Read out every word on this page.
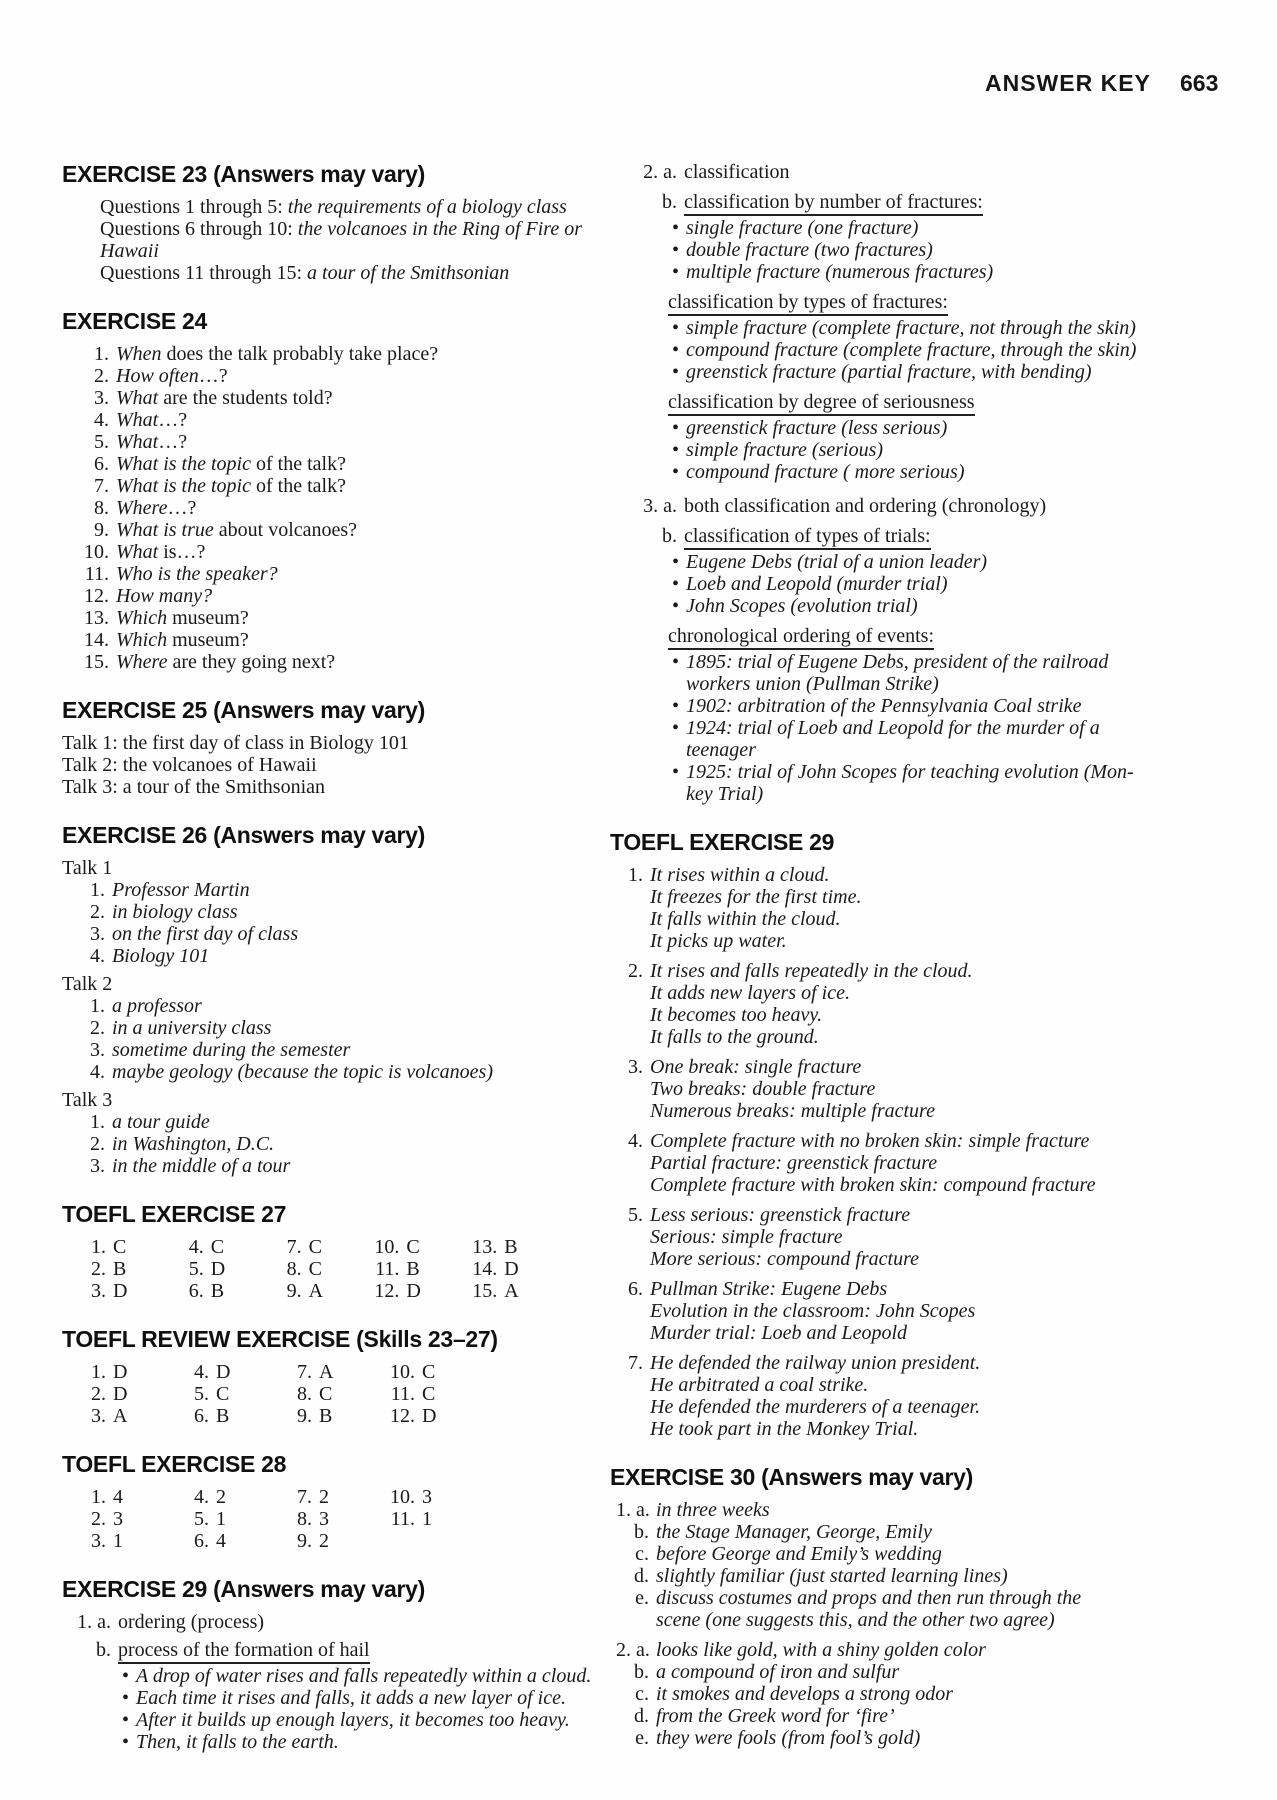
ANSWER KEY 663
EXERCISE 23 (Answers may vary)
Questions 1 through 5: the requirements of a biology class
Questions 6 through 10: the volcanoes in the Ring of Fire or
Hawaii
Questions 11 through 15: a tour of the Smithsonian
EXERCISE 24
1. When does the talk probably take place?
2. How often…?
3. What are the students told?
4. What…?
5. What…?
6. What is the topic of the talk?
7. What is the topic of the talk?
8. Where…?
9. What is true about volcanoes?
10. What is…?
11. Who is the speaker?
12. How many?
13. Which museum?
14. Which museum?
15. Where are they going next?
EXERCISE 25 (Answers may vary)
Talk 1: the first day of class in Biology 101
Talk 2: the volcanoes of Hawaii
Talk 3: a tour of the Smithsonian
EXERCISE 26 (Answers may vary)
Talk 1
1. Professor Martin
2. in biology class
3. on the first day of class
4. Biology 101
Talk 2
1. a professor
2. in a university class
3. sometime during the semester
4. maybe geology (because the topic is volcanoes)
Talk 3
1. a tour guide
2. in Washington, D.C.
3. in the middle of a tour
TOEFL EXERCISE 27
1. C
2. B
3. D
4. C
5. D
6. B
7. C
8. C
9. A
10. C
11. B
12. D
13. B
14. D
15. A
TOEFL REVIEW EXERCISE (Skills 23–27)
1. D
2. D
3. A
4. D
5. C
6. B
7. A
8. C
9. B
10. C
11. C
12. D
TOEFL EXERCISE 28
1. 4
2. 3
3. 1
4. 2
5. 1
6. 4
7. 2
8. 3
9. 2
10. 3
11. 1
EXERCISE 29 (Answers may vary)
1. a. ordering (process)
b. process of the formation of hail
• A drop of water rises and falls repeatedly within a cloud.
• Each time it rises and falls, it adds a new layer of ice.
• After it builds up enough layers, it becomes too heavy.
• Then, it falls to the earth.
2. a. classification
b. classification by number of fractures:
• single fracture (one fracture)
• double fracture (two fractures)
• multiple fracture (numerous fractures)
classification by types of fractures:
• simple fracture (complete fracture, not through the skin)
• compound fracture (complete fracture, through the skin)
• greenstick fracture (partial fracture, with bending)
classification by degree of seriousness
• greenstick fracture (less serious)
• simple fracture (serious)
• compound fracture ( more serious)
3. a. both classification and ordering (chronology)
b. classification of types of trials:
• Eugene Debs (trial of a union leader)
• Loeb and Leopold (murder trial)
• John Scopes (evolution trial)
chronological ordering of events:
• 1895: trial of Eugene Debs, president of the railroad
workers union (Pullman Strike)
• 1902: arbitration of the Pennsylvania Coal strike
• 1924: trial of Loeb and Leopold for the murder of a
teenager
• 1925: trial of John Scopes for teaching evolution (Mon-
key Trial)
TOEFL EXERCISE 29
1. It rises within a cloud.
It freezes for the first time.
It falls within the cloud.
It picks up water.
2. It rises and falls repeatedly in the cloud.
It adds new layers of ice.
It becomes too heavy.
It falls to the ground.
3. One break: single fracture
Two breaks: double fracture
Numerous breaks: multiple fracture
4. Complete fracture with no broken skin: simple fracture
Partial fracture: greenstick fracture
Complete fracture with broken skin: compound fracture
5. Less serious: greenstick fracture
Serious: simple fracture
More serious: compound fracture
6. Pullman Strike: Eugene Debs
Evolution in the classroom: John Scopes
Murder trial: Loeb and Leopold
7. He defended the railway union president.
He arbitrated a coal strike.
He defended the murderers of a teenager.
He took part in the Monkey Trial.
EXERCISE 30 (Answers may vary)
1. a. in three weeks
b. the Stage Manager, George, Emily
c. before George and Emily’s wedding
d. slightly familiar (just started learning lines)
e. discuss costumes and props and then run through the
scene (one suggests this, and the other two agree)
2. a. looks like gold, with a shiny golden color
b. a compound of iron and sulfur
c. it smokes and develops a strong odor
d. from the Greek word for ‘fire’
e. they were fools (from fool’s gold)
